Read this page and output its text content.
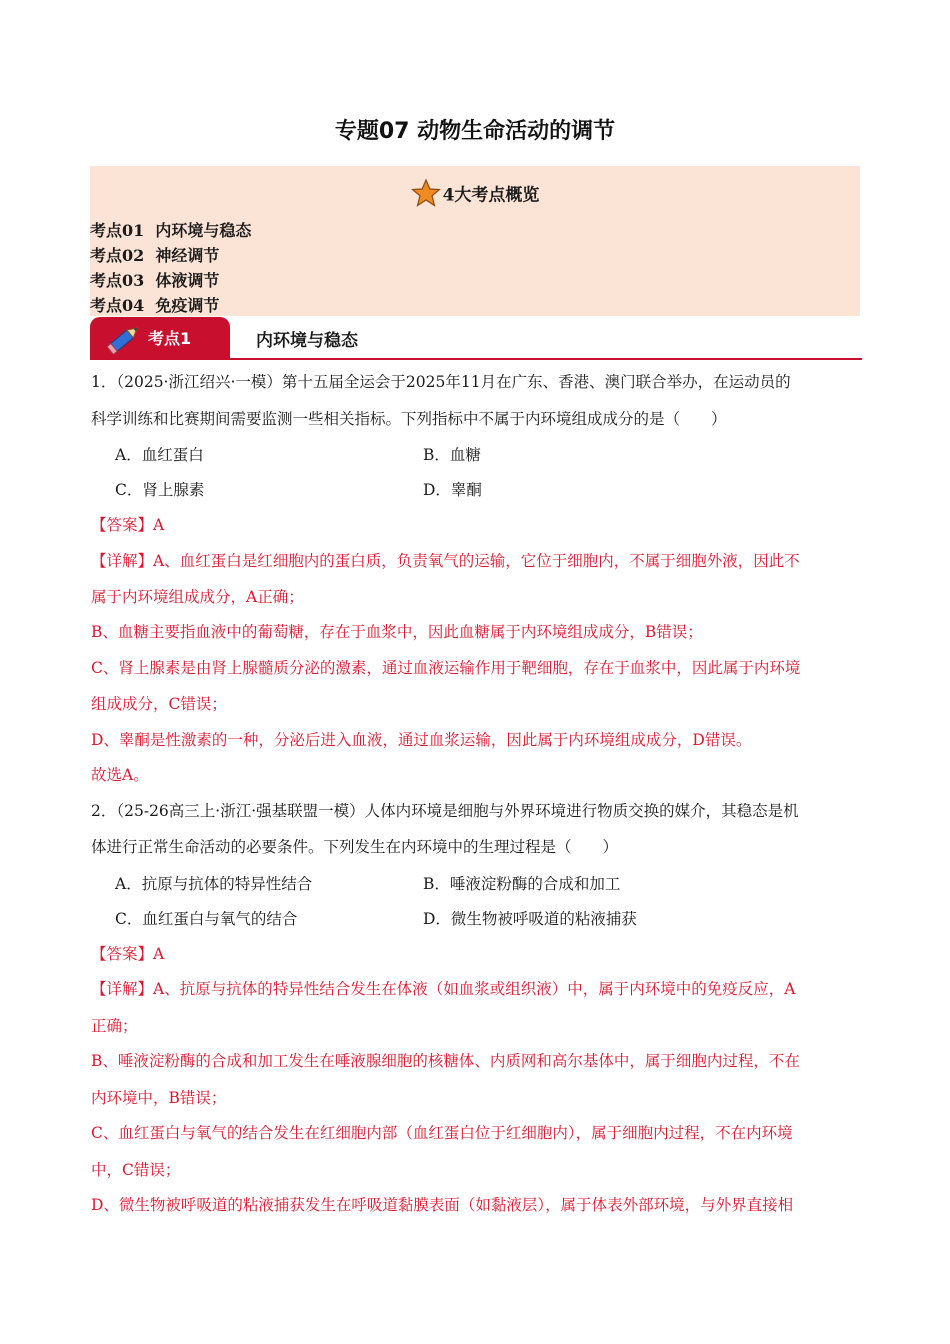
专题07 动物生命活动的调节
4大考点概览
考点01  内环境与稳态
考点02  神经调节
考点03  体液调节
考点04  免疫调节
考点1	内环境与稳态
1．（2025·浙江绍兴·一模）第十五届全运会于2025年11月在广东、香港、澳门联合举办，在运动员的
科学训练和比赛期间需要监测一些相关指标。下列指标中不属于内环境组成成分的是（　　）
A．血红蛋白	B．血糖
C．肾上腺素	D．睾酮
【答案】A
【详解】A、血红蛋白是红细胞内的蛋白质，负责氧气的运输，它位于细胞内，不属于细胞外液，因此不
属于内环境组成成分，A正确；
B、血糖主要指血液中的葡萄糖，存在于血浆中，因此血糖属于内环境组成成分，B错误；
C、肾上腺素是由肾上腺髓质分泌的激素，通过血液运输作用于靶细胞，存在于血浆中，因此属于内环境
组成成分，C错误；
D、睾酮是性激素的一种，分泌后进入血液，通过血浆运输，因此属于内环境组成成分，D错误。
故选A。
2．（25-26高三上·浙江·强基联盟一模）人体内环境是细胞与外界环境进行物质交换的媒介，其稳态是机
体进行正常生命活动的必要条件。下列发生在内环境中的生理过程是（　　）
A．抗原与抗体的特异性结合	B．唾液淀粉酶的合成和加工
C．血红蛋白与氧气的结合	D．微生物被呼吸道的粘液捕获
【答案】A
【详解】A、抗原与抗体的特异性结合发生在体液（如血浆或组织液）中，属于内环境中的免疫反应，A
正确；
B、唾液淀粉酶的合成和加工发生在唾液腺细胞的核糖体、内质网和高尔基体中，属于细胞内过程，不在
内环境中，B错误；
C、血红蛋白与氧气的结合发生在红细胞内部（血红蛋白位于红细胞内），属于细胞内过程，不在内环境
中，C错误；
D、微生物被呼吸道的粘液捕获发生在呼吸道黏膜表面（如黏液层），属于体表外部环境，与外界直接相
